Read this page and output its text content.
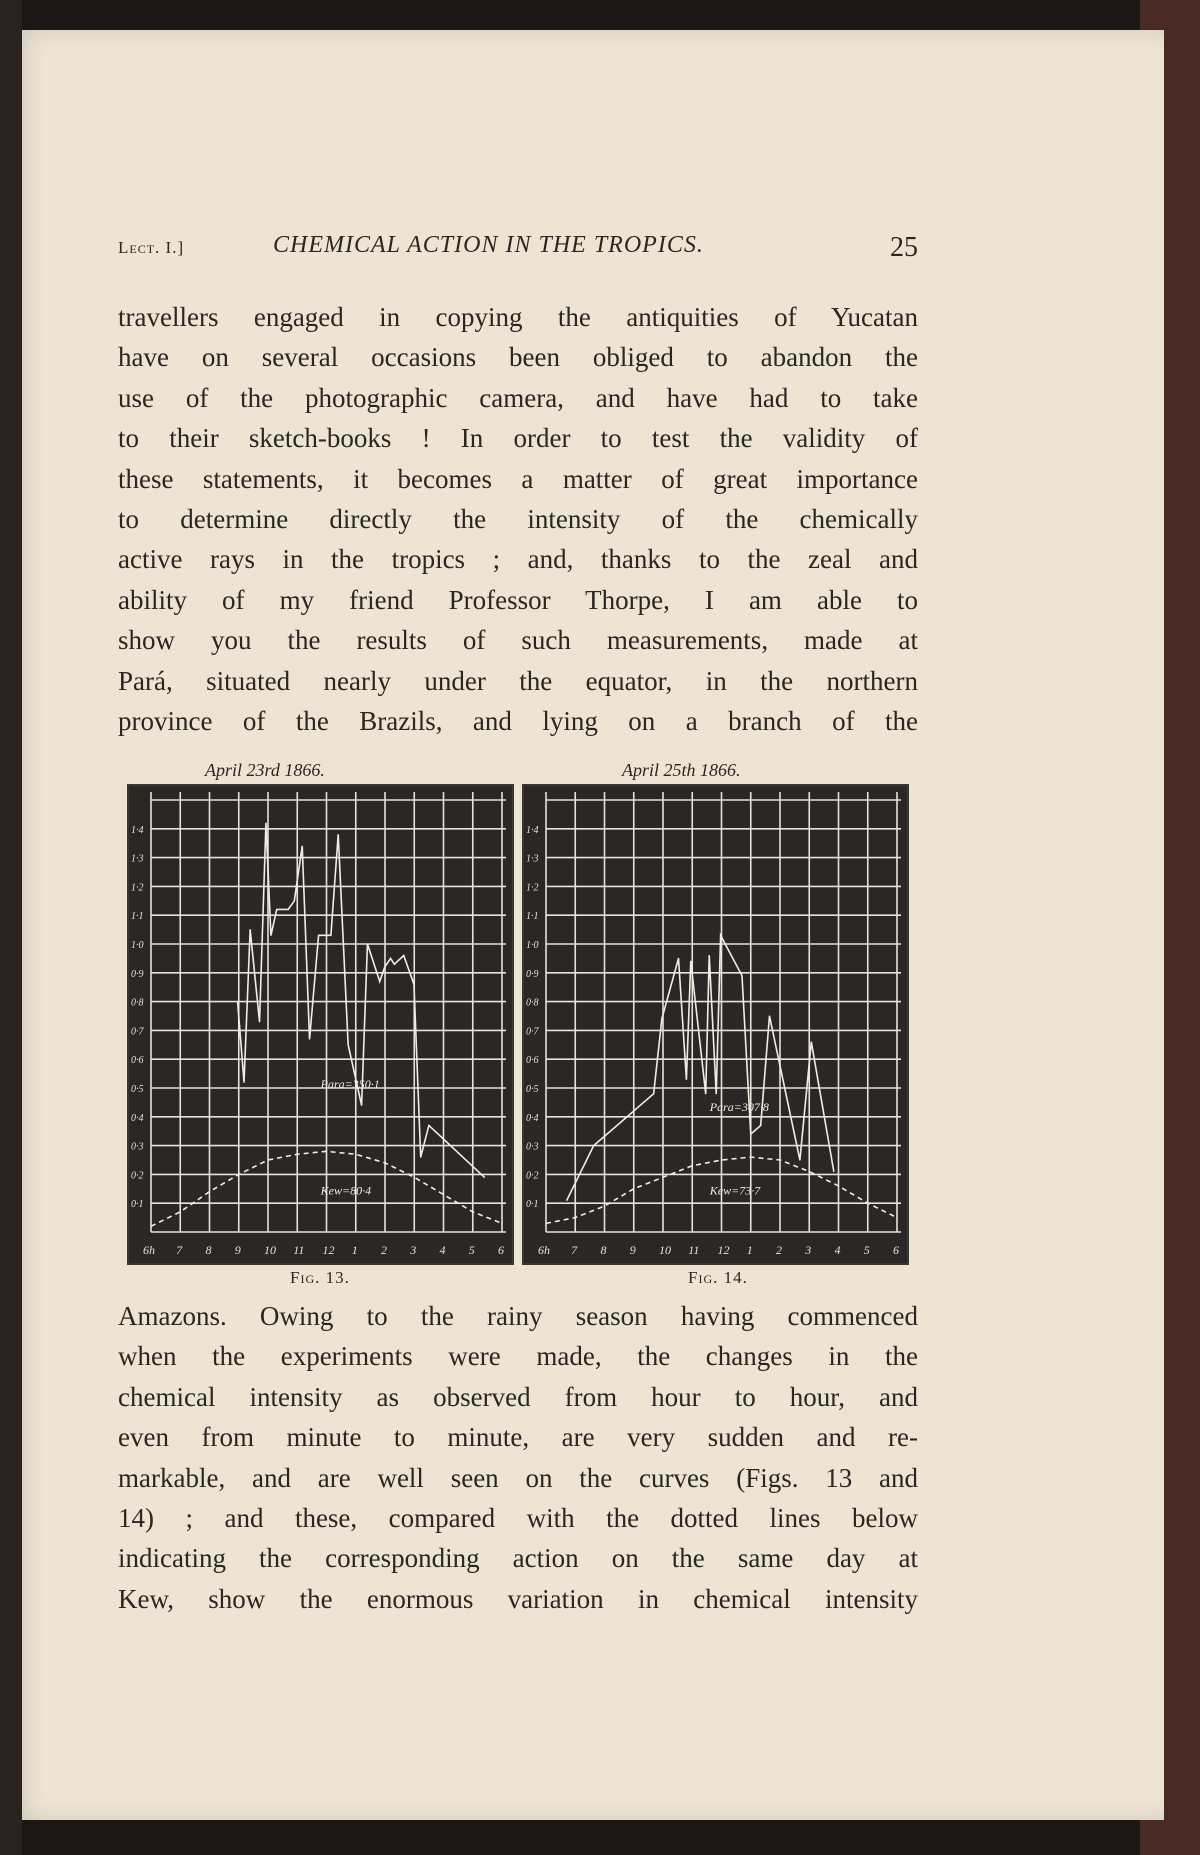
Lect. I.]	CHEMICAL ACTION IN THE TROPICS.	25
travellers engaged in copying the antiquities of Yucatan
have on several occasions been obliged to abandon the
use of the photographic camera, and have had to take
to their sketch-books ! In order to test the validity of
these statements, it becomes a matter of great importance
to determine directly the intensity of the chemically
active rays in the tropics ; and, thanks to the zeal and
ability of my friend Professor Thorpe, I am able to
show you the results of such measurements, made at
Pará, situated nearly under the equator, in the northern
province of the Brazils, and lying on a branch of the
April 23rd 1866.	April 25th 1866.
0·1
0·2
0·3
0·4
0·5
0·6
0·7
0·8
0·9
1·0
1·1
1·2
1·3
1·4
6h 7 8 9 10 11 12 1 2 3 4 5 6
Para=350·1
Kew=80·4
0·1
0·2
0·3
0·4
0·5
0·6
0·7
0·8
0·9
1·0
1·1
1·2
1·3
1·4
6h 7 8 9 10 11 12 1 2 3 4 5 6
Para=307·8
Kew=73·7
Fig. 13.	Fig. 14.
Amazons. Owing to the rainy season having commenced
when the experiments were made, the changes in the
chemical intensity as observed from hour to hour, and
even from minute to minute, are very sudden and re-
markable, and are well seen on the curves (Figs. 13 and
14) ; and these, compared with the dotted lines below
indicating the corresponding action on the same day at
Kew, show the enormous variation in chemical intensity
